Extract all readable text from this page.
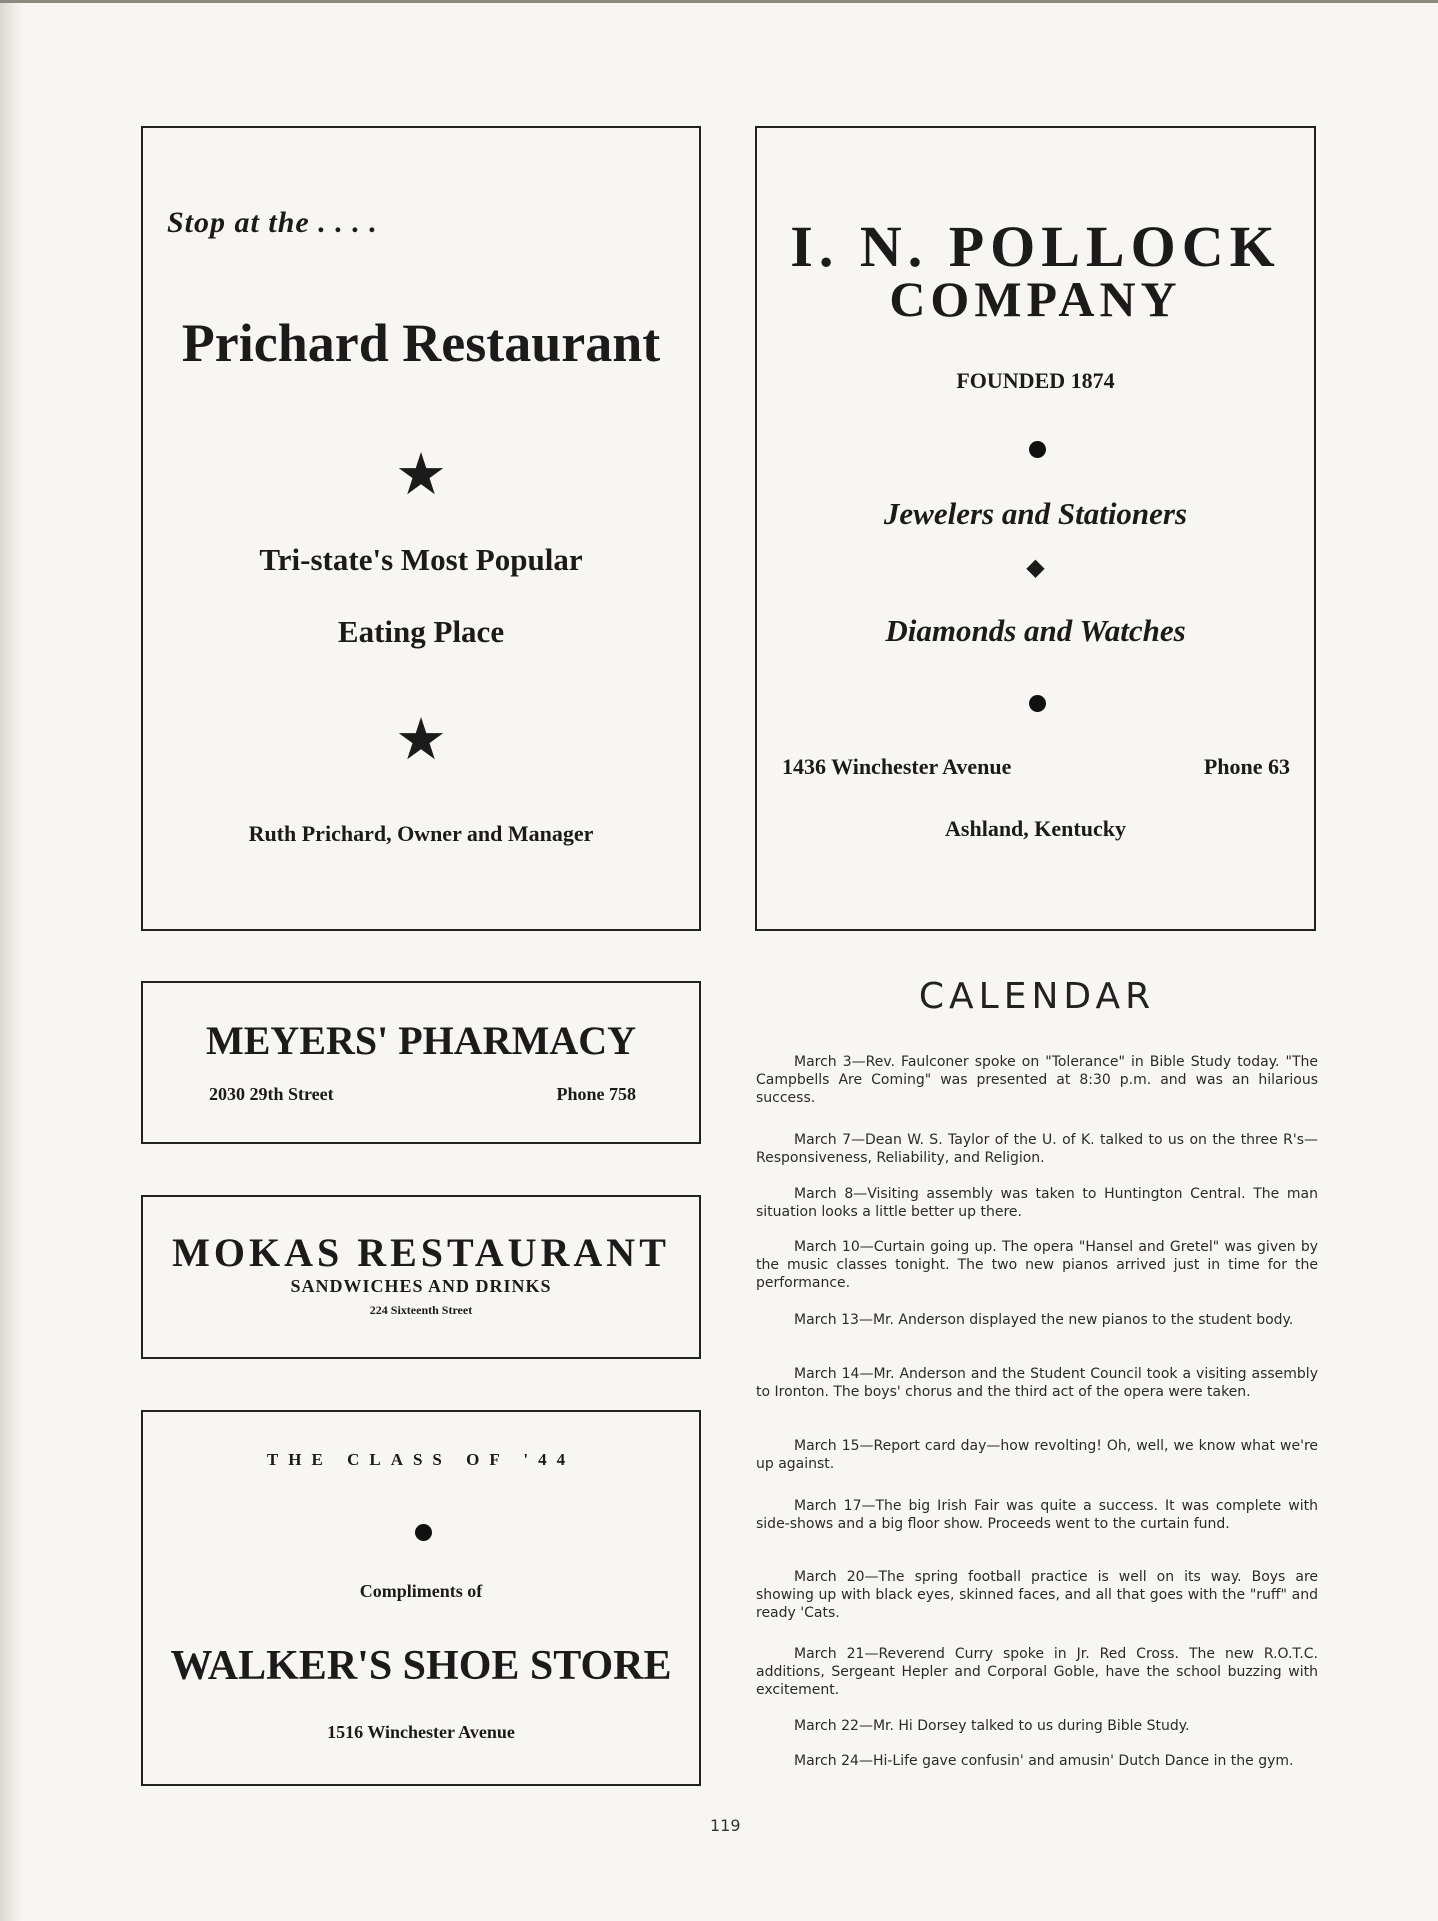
Stop at the . . . .
Prichard Restaurant
★
Tri-state's Most Popular
Eating Place
★
Ruth Prichard, Owner and Manager
I. N. POLLOCK
COMPANY
FOUNDED 1874
Jewelers and Stationers
◆
Diamonds and Watches
1436 Winchester Avenue	Phone 63
Ashland, Kentucky
MEYERS' PHARMACY
2030 29th Street	Phone 758
MOKAS RESTAURANT
SANDWICHES AND DRINKS
224 Sixteenth Street
THE CLASS OF '44
Compliments of
WALKER'S SHOE STORE
1516 Winchester Avenue
CALENDAR

March 3—Rev. Faulconer spoke on "Tolerance" in Bible Study today. "The Campbells Are Coming" was presented at 8:30 p.m. and was an hilarious success.

March 7—Dean W. S. Taylor of the U. of K. talked to us on the three R's—Responsiveness, Reliability, and Religion.

March 8—Visiting assembly was taken to Huntington Central. The man situation looks a little better up there.

March 10—Curtain going up. The opera "Hansel and Gretel" was given by the music classes tonight. The two new pianos arrived just in time for the performance.

March 13—Mr. Anderson displayed the new pianos to the student body.

March 14—Mr. Anderson and the Student Council took a visiting assembly to Ironton. The boys' chorus and the third act of the opera were taken.

March 15—Report card day—how revolting! Oh, well, we know what we're up against.

March 17—The big Irish Fair was quite a success. It was complete with side-shows and a big floor show. Proceeds went to the curtain fund.

March 20—The spring football practice is well on its way. Boys are showing up with black eyes, skinned faces, and all that goes with the "ruff" and ready 'Cats.

March 21—Reverend Curry spoke in Jr. Red Cross. The new R.O.T.C. additions, Sergeant Hepler and Corporal Goble, have the school buzzing with excitement.

March 22—Mr. Hi Dorsey talked to us during Bible Study.

March 24—Hi-Life gave confusin' and amusin' Dutch Dance in the gym.

119
